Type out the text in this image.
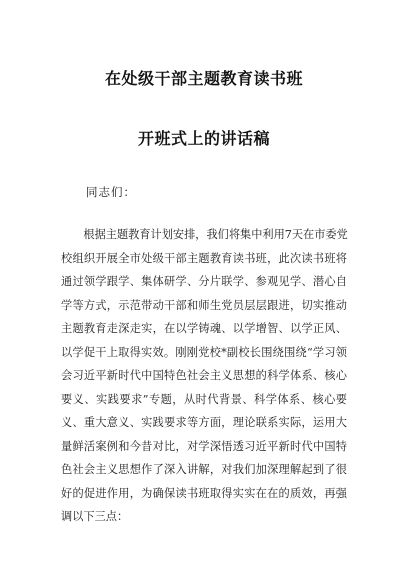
在处级干部主题教育读书班
开班式上的讲话稿
同志们：
　　根据主题教育计划安排，我们将集中利用7天在市委党
校组织开展全市处级干部主题教育读书班，此次读书班将
通过领学跟学、集体研学、分片联学、参观见学、潜心自
学等方式，示范带动干部和师生党员层层跟进，切实推动
主题教育走深走实，在以学铸魂、以学增智、以学正风、
以学促干上取得实效。刚刚党校*副校长围绕围绕“学习领
会习近平新时代中国特色社会主义思想的科学体系、核心
要义、实践要求”专题，从时代背景、科学体系、核心要
义、重大意义、实践要求等方面，理论联系实际，运用大
量鲜活案例和今昔对比，对学深悟透习近平新时代中国特
色社会主义思想作了深入讲解，对我们加深理解起到了很
好的促进作用，为确保读书班取得实实在在的质效，再强
调以下三点：
